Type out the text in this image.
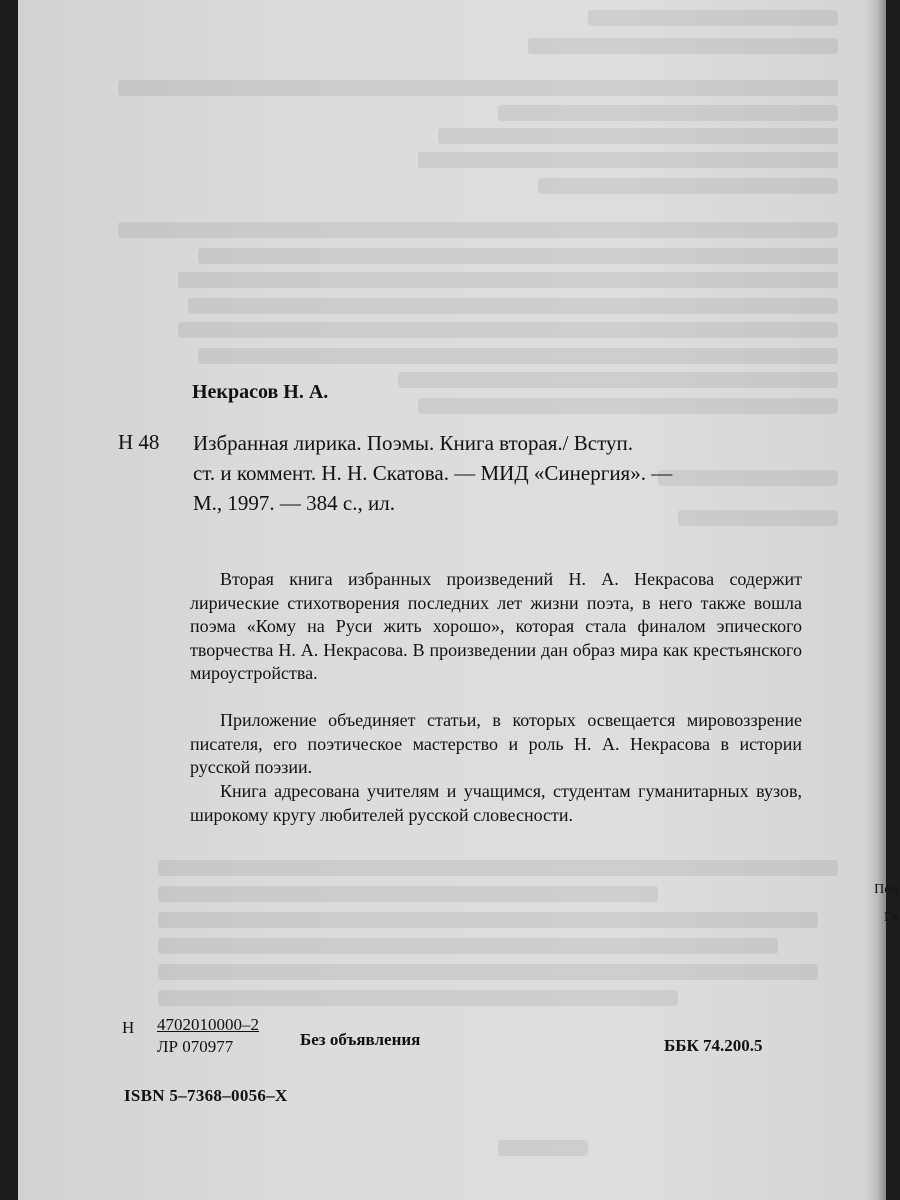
Под
Га
Некрасов Н. А.
Н 48 Избранная лирика. Поэмы. Книга вторая./ Вступ.
ст. и коммент. Н. Н. Скатова. — МИД «Синергия». —
М., 1997. — 384 с., ил.

Вторая книга избранных произведений Н. А. Некрасова содержит лирические стихотворения последних лет жизни поэта, в него также вошла поэма «Кому на Руси жить хорошо», которая стала финалом эпического творчества Н. А. Некрасова. В произведении дан образ мира как крестьянского мироустройства.

Приложение объединяет статьи, в которых освещается мировоззрение писателя, его поэтическое мастерство и роль Н. А. Некрасова в истории русской поэзии.

Книга адресована учителям и учащимся, студентам гуманитарных вузов, широкому кругу любителей русской словесности.

Н 4702010000–2
ЛР 070977	Без объявления	ББК 74.200.5
ISBN 5–7368–0056–Х
